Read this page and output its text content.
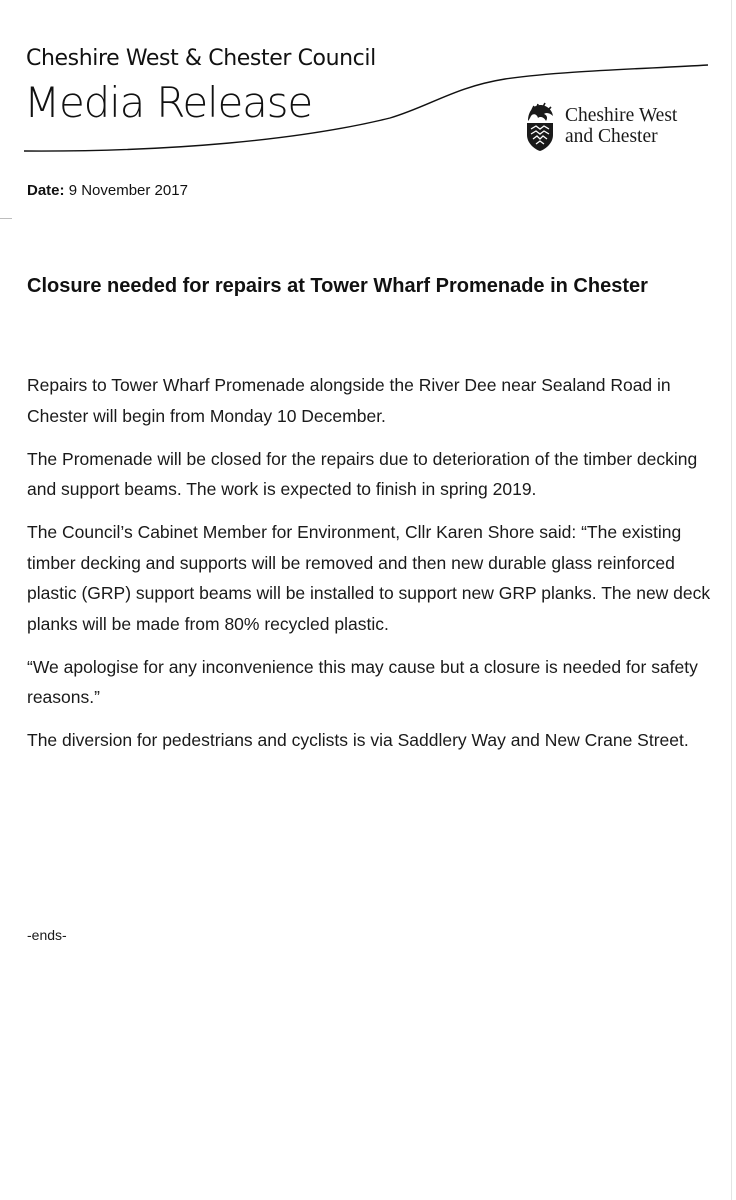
Cheshire West & Chester Council
Media Release	Cheshire West
and Chester

Date: 9 November 2017

Closure needed for repairs at Tower Wharf Promenade in Chester

Repairs to Tower Wharf Promenade alongside the River Dee near Sealand Road in Chester will begin from Monday 10 December.

The Promenade will be closed for the repairs due to deterioration of the timber decking and support beams. The work is expected to finish in spring 2019.

The Council’s Cabinet Member for Environment, Cllr Karen Shore said: “The existing timber decking and supports will be removed and then new durable glass reinforced plastic (GRP) support beams will be installed to support new GRP planks. The new deck planks will be made from 80% recycled plastic.

“We apologise for any inconvenience this may cause but a closure is needed for safety reasons.”

The diversion for pedestrians and cyclists is via Saddlery Way and New Crane Street.

-ends-
